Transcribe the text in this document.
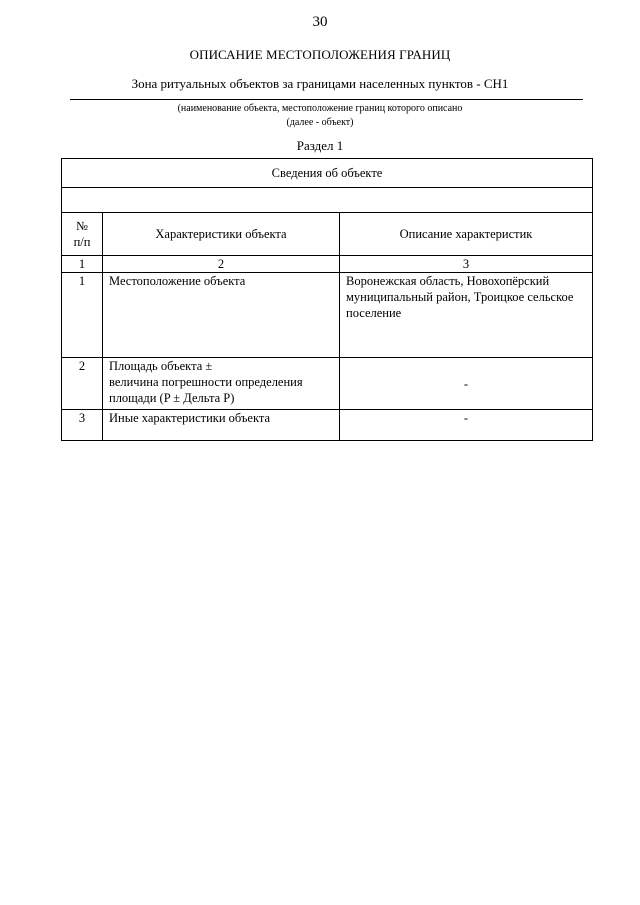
30
ОПИСАНИЕ МЕСТОПОЛОЖЕНИЯ ГРАНИЦ
Зона ритуальных объектов за границами населенных пунктов - СН1
(наименование объекта, местоположение границ которого описано
(далее - объект)
Раздел 1
Сведения об объекте		

№
п/п	Характеристики объекта	Описание характеристик
1	2	3
1	Местоположение объекта	Воронежская область, Новохопёрский
муниципальный район, Троицкое сельское
поселение

2	Площадь объекта ±
величина погрешности определения
площади (P ± Дельта P)	-
3	Иные характеристики объекта	-
